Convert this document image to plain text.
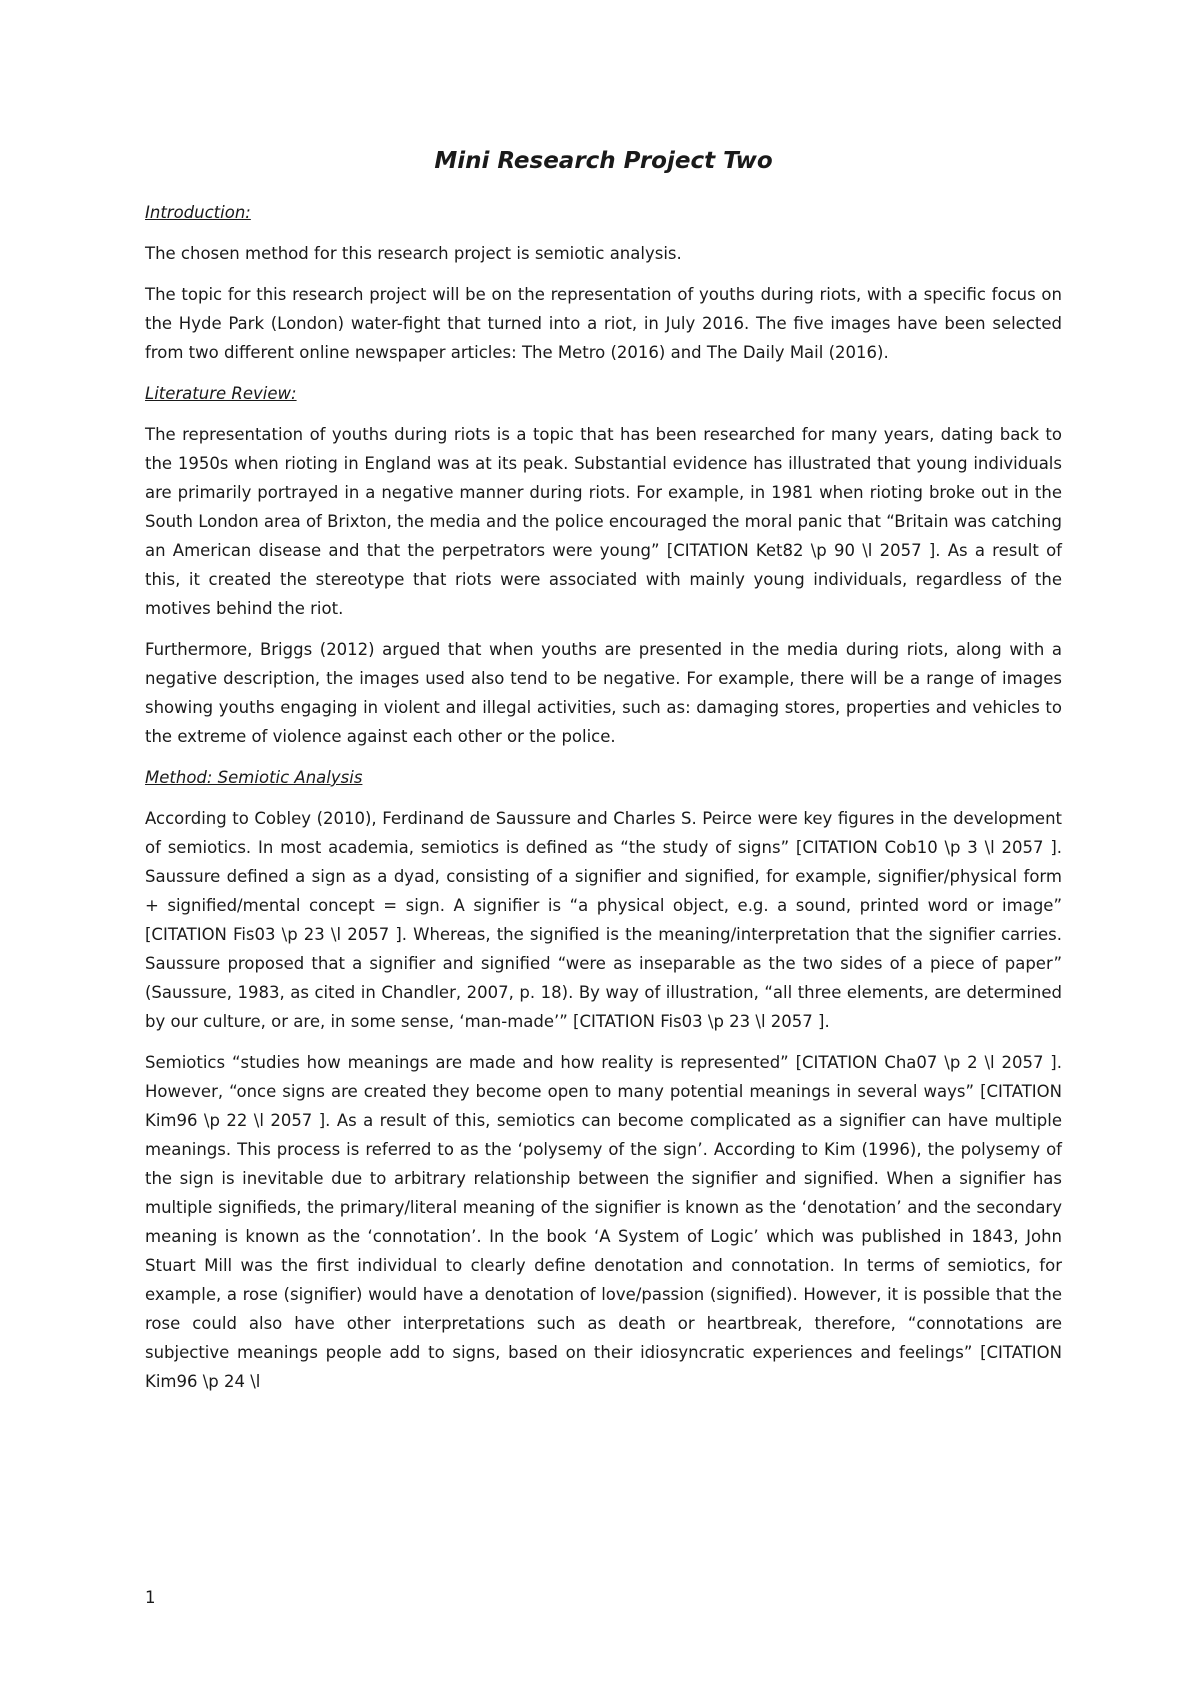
Mini Research Project Two
Introduction:

The chosen method for this research project is semiotic analysis.

The topic for this research project will be on the representation of youths during riots, with a specific focus on the Hyde Park (London) water-fight that turned into a riot, in July 2016. The five images have been selected from two different online newspaper articles: The Metro (2016) and The Daily Mail (2016).

Literature Review:

The representation of youths during riots is a topic that has been researched for many years, dating back to the 1950s when rioting in England was at its peak. Substantial evidence has illustrated that young individuals are primarily portrayed in a negative manner during riots. For example, in 1981 when rioting broke out in the South London area of Brixton, the media and the police encouraged the moral panic that “Britain was catching an American disease and that the perpetrators were young” [CITATION Ket82 \p 90 \l 2057 ]. As a result of this, it created the stereotype that riots were associated with mainly young individuals, regardless of the motives behind the riot.

Furthermore, Briggs (2012) argued that when youths are presented in the media during riots, along with a negative description, the images used also tend to be negative. For example, there will be a range of images showing youths engaging in violent and illegal activities, such as: damaging stores, properties and vehicles to the extreme of violence against each other or the police.

Method: Semiotic Analysis

According to Cobley (2010), Ferdinand de Saussure and Charles S. Peirce were key figures in the development of semiotics. In most academia, semiotics is defined as “the study of signs” [CITATION Cob10 \p 3 \l 2057 ]. Saussure defined a sign as a dyad, consisting of a signifier and signified, for example, signifier/physical form + signified/mental concept = sign. A signifier is “a physical object, e.g. a sound, printed word or image” [CITATION Fis03 \p 23 \l 2057 ]. Whereas, the signified is the meaning/interpretation that the signifier carries. Saussure proposed that a signifier and signified “were as inseparable as the two sides of a piece of paper” (Saussure, 1983, as cited in Chandler, 2007, p. 18). By way of illustration, “all three elements, are determined by our culture, or are, in some sense, ‘man-made’” [CITATION Fis03 \p 23 \l 2057 ].

Semiotics “studies how meanings are made and how reality is represented” [CITATION Cha07 \p 2 \l 2057 ]. However, “once signs are created they become open to many potential meanings in several ways” [CITATION Kim96 \p 22 \l 2057 ]. As a result of this, semiotics can become complicated as a signifier can have multiple meanings. This process is referred to as the ‘polysemy of the sign’. According to Kim (1996), the polysemy of the sign is inevitable due to arbitrary relationship between the signifier and signified. When a signifier has multiple signifieds, the primary/literal meaning of the signifier is known as the ‘denotation’ and the secondary meaning is known as the ‘connotation’. In the book ‘A System of Logic’ which was published in 1843, John Stuart Mill was the first individual to clearly define denotation and connotation. In terms of semiotics, for example, a rose (signifier) would have a denotation of love/passion (signified). However, it is possible that the rose could also have other interpretations such as death or heartbreak, therefore, “connotations are subjective meanings people add to signs, based on their idiosyncratic experiences and feelings” [CITATION Kim96 \p 24 \l

1
